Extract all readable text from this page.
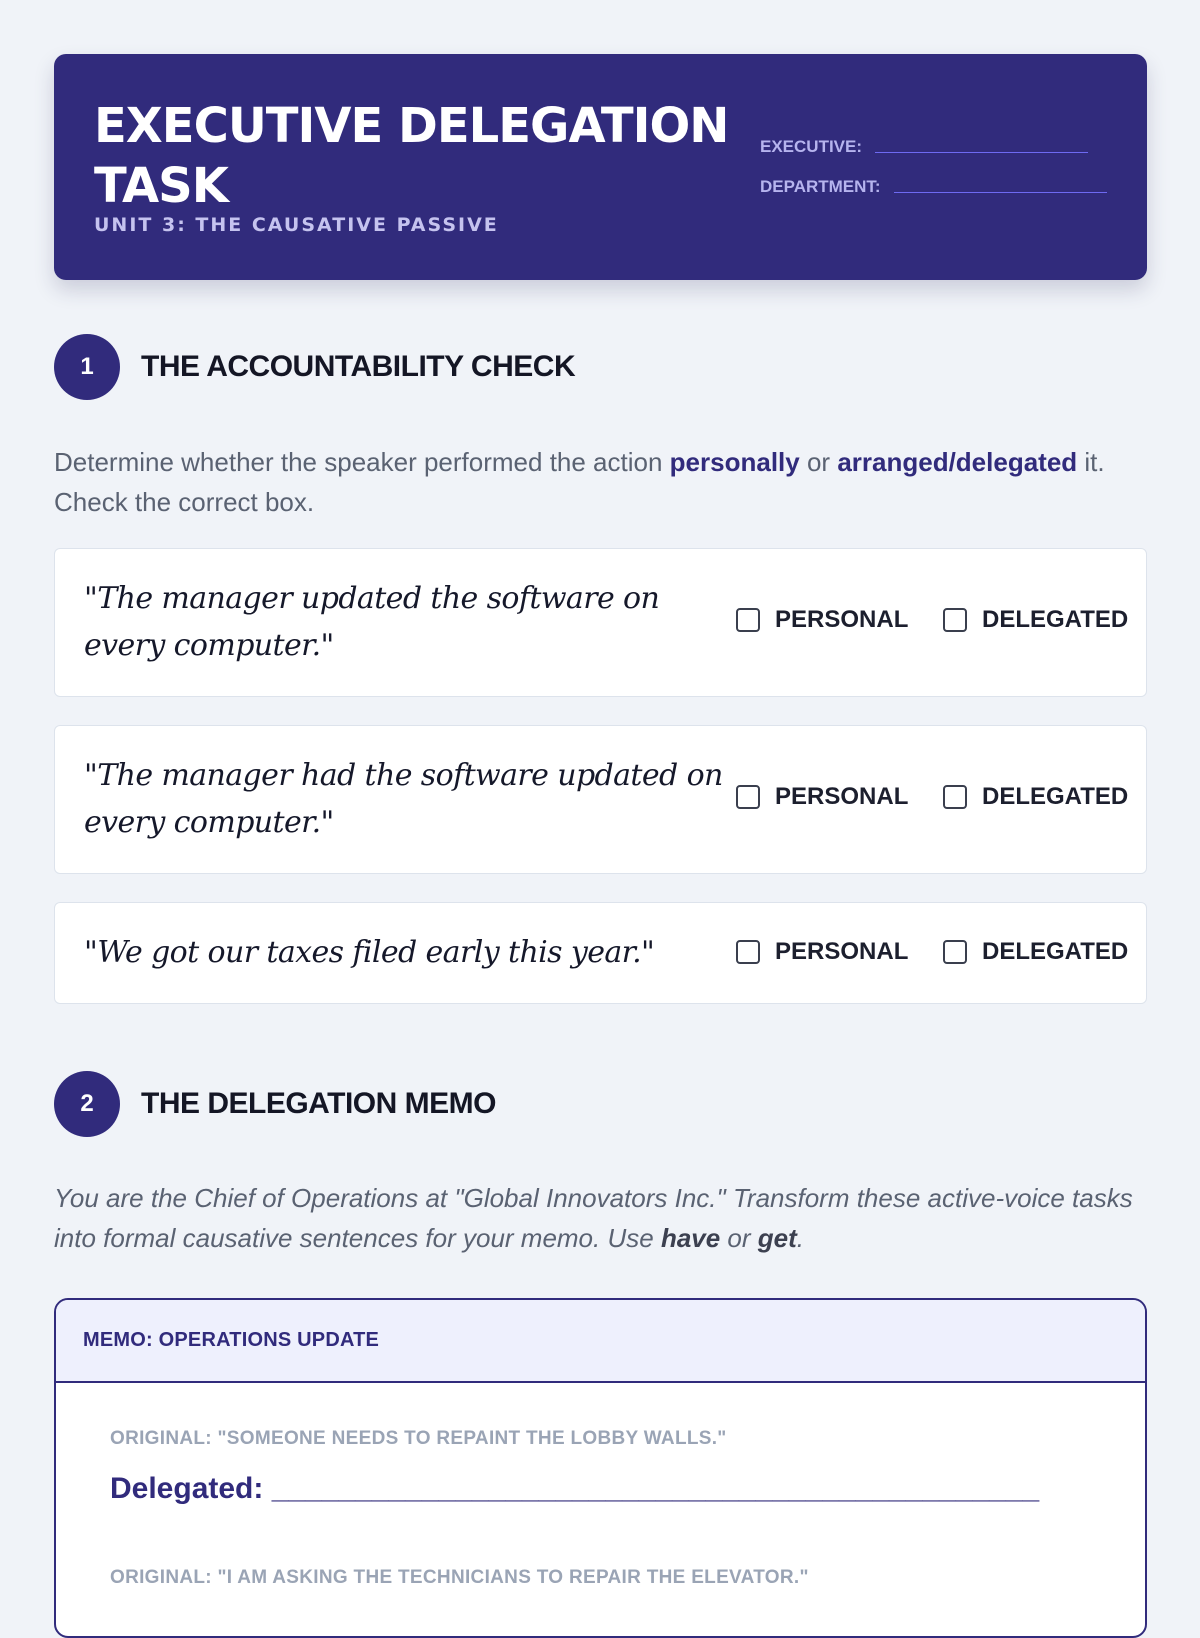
EXECUTIVE DELEGATION TASK
UNIT 3: THE CAUSATIVE PASSIVE
EXECUTIVE:
DEPARTMENT:
1	THE ACCOUNTABILITY CHECK
Determine whether the speaker performed the action personally or arranged/delegated it. Check the correct box.
"The manager updated the software on every computer."
PERSONAL	DELEGATED
"The manager had the software updated on every computer."
PERSONAL	DELEGATED
"We got our taxes filed early this year."	PERSONAL	DELEGATED
2	THE DELEGATION MEMO
You are the Chief of Operations at "Global Innovators Inc." Transform these active-voice tasks into formal causative sentences for your memo. Use have or get.
MEMO: OPERATIONS UPDATE
ORIGINAL: "SOMEONE NEEDS TO REPAINT THE LOBBY WALLS."
Delegated: ______________________________________________
ORIGINAL: "I AM ASKING THE TECHNICIANS TO REPAIR THE ELEVATOR."
